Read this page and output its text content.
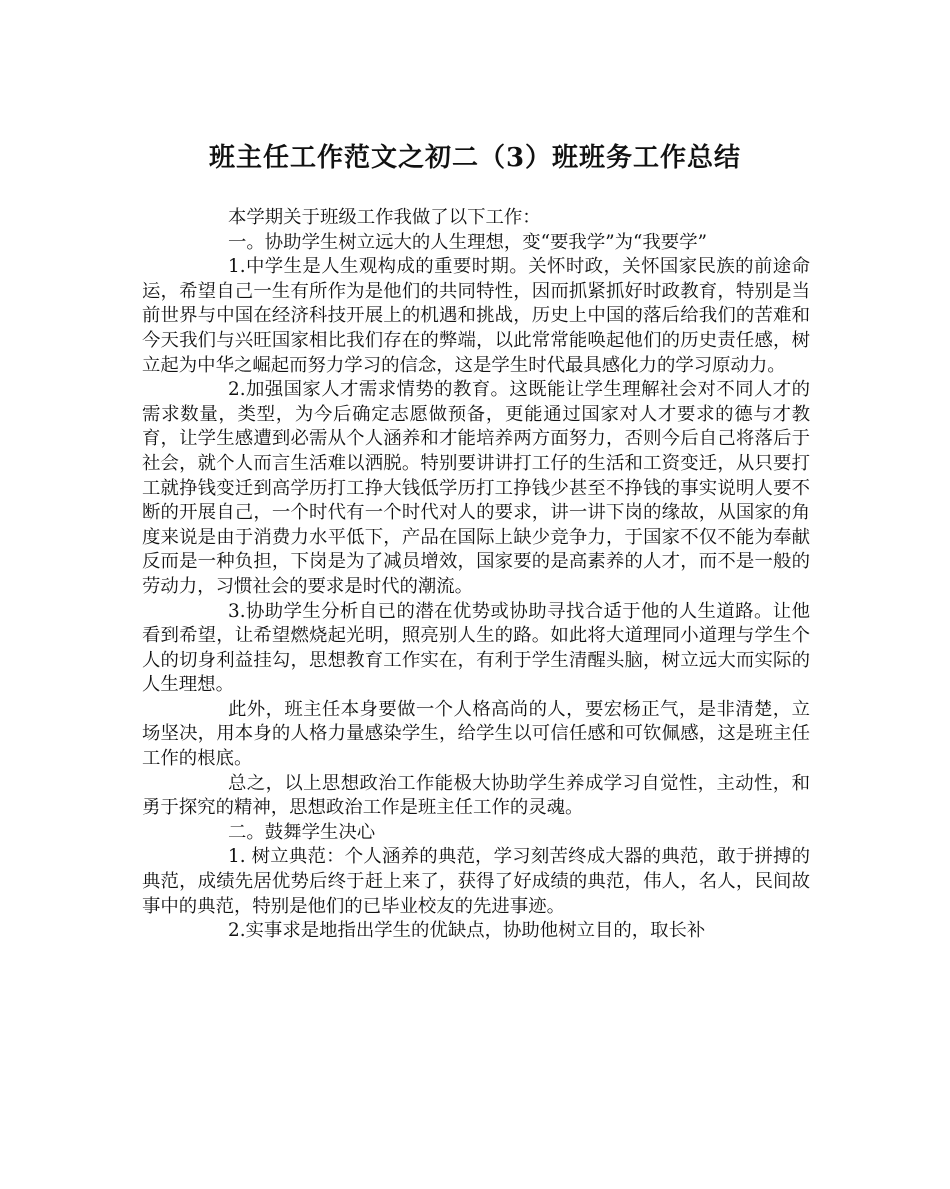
班主任工作范文之初二（3）班班务工作总结

本学期关于班级工作我做了以下工作：

一。协助学生树立远大的人生理想，变“要我学”为“我要学”

1.中学生是人生观构成的重要时期。关怀时政，关怀国家民族的前途命运，希望自己一生有所作为是他们的共同特性，因而抓紧抓好时政教育，特别是当前世界与中国在经济科技开展上的机遇和挑战，历史上中国的落后给我们的苦难和今天我们与兴旺国家相比我们存在的弊端，以此常常能唤起他们的历史责任感，树立起为中华之崛起而努力学习的信念，这是学生时代最具感化力的学习原动力。

2.加强国家人才需求情势的教育。这既能让学生理解社会对不同人才的需求数量，类型，为今后确定志愿做预备，更能通过国家对人才要求的德与才教育，让学生感遭到必需从个人涵养和才能培养两方面努力，否则今后自己将落后于社会，就个人而言生活难以洒脱。特别要讲讲打工仔的生活和工资变迁，从只要打工就挣钱变迁到高学历打工挣大钱低学历打工挣钱少甚至不挣钱的事实说明人要不断的开展自己，一个时代有一个时代对人的要求，讲一讲下岗的缘故，从国家的角度来说是由于消费力水平低下，产品在国际上缺少竞争力，于国家不仅不能为奉献反而是一种负担，下岗是为了减员增效，国家要的是高素养的人才，而不是一般的劳动力，习惯社会的要求是时代的潮流。

3.协助学生分析自已的潜在优势或协助寻找合适于他的人生道路。让他看到希望，让希望燃烧起光明，照亮别人生的路。如此将大道理同小道理与学生个人的切身利益挂勾，思想教育工作实在，有利于学生清醒头脑，树立远大而实际的人生理想。

此外，班主任本身要做一个人格高尚的人，要宏杨正气，是非清楚，立场坚决，用本身的人格力量感染学生，给学生以可信任感和可钦佩感，这是班主任工作的根底。

总之，以上思想政治工作能极大协助学生养成学习自觉性，主动性，和勇于探究的精神，思想政治工作是班主任工作的灵魂。

二。鼓舞学生决心

1. 树立典范：个人涵养的典范，学习刻苦终成大器的典范，敢于拼搏的典范，成绩先居优势后终于赶上来了，获得了好成绩的典范，伟人，名人，民间故事中的典范，特别是他们的已毕业校友的先进事迹。

2.实事求是地指出学生的优缺点，协助他树立目的，取长补
